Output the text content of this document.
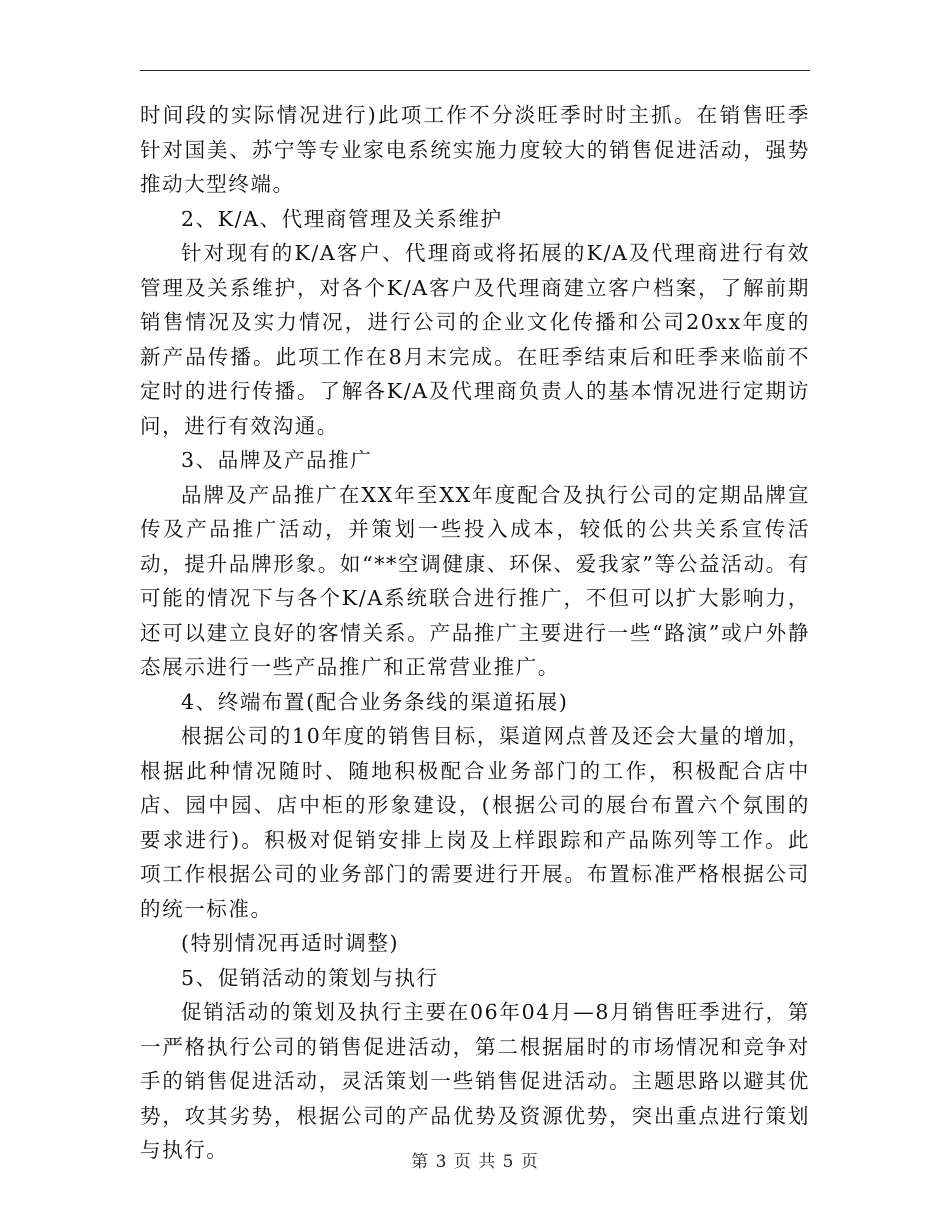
时间段的实际情况进行)此项工作不分淡旺季时时主抓。在销售旺季针对国美、苏宁等专业家电系统实施力度较大的销售促进活动，强势推动大型终端。

2、K/A、代理商管理及关系维护

针对现有的K/A客户、代理商或将拓展的K/A及代理商进行有效管理及关系维护，对各个K/A客户及代理商建立客户档案，了解前期销售情况及实力情况，进行公司的企业文化传播和公司20xx年度的新产品传播。此项工作在8月末完成。在旺季结束后和旺季来临前不定时的进行传播。了解各K/A及代理商负责人的基本情况进行定期访问，进行有效沟通。

3、品牌及产品推广

品牌及产品推广在XX年至XX年度配合及执行公司的定期品牌宣传及产品推广活动，并策划一些投入成本，较低的公共关系宣传活动，提升品牌形象。如“**空调健康、环保、爱我家”等公益活动。有可能的情况下与各个K/A系统联合进行推广，不但可以扩大影响力，还可以建立良好的客情关系。产品推广主要进行一些“路演”或户外静态展示进行一些产品推广和正常营业推广。

4、终端布置(配合业务条线的渠道拓展)

根据公司的10年度的销售目标，渠道网点普及还会大量的增加，根据此种情况随时、随地积极配合业务部门的工作，积极配合店中店、园中园、店中柜的形象建设，(根据公司的展台布置六个氛围的要求进行)。积极对促销安排上岗及上样跟踪和产品陈列等工作。此项工作根据公司的业务部门的需要进行开展。布置标准严格根据公司的统一标准。

(特别情况再适时调整)

5、促销活动的策划与执行

促销活动的策划及执行主要在06年04月—8月销售旺季进行，第一严格执行公司的销售促进活动，第二根据届时的市场情况和竞争对手的销售促进活动，灵活策划一些销售促进活动。主题思路以避其优势，攻其劣势，根据公司的产品优势及资源优势，突出重点进行策划与执行。	第 3 页 共 5 页
